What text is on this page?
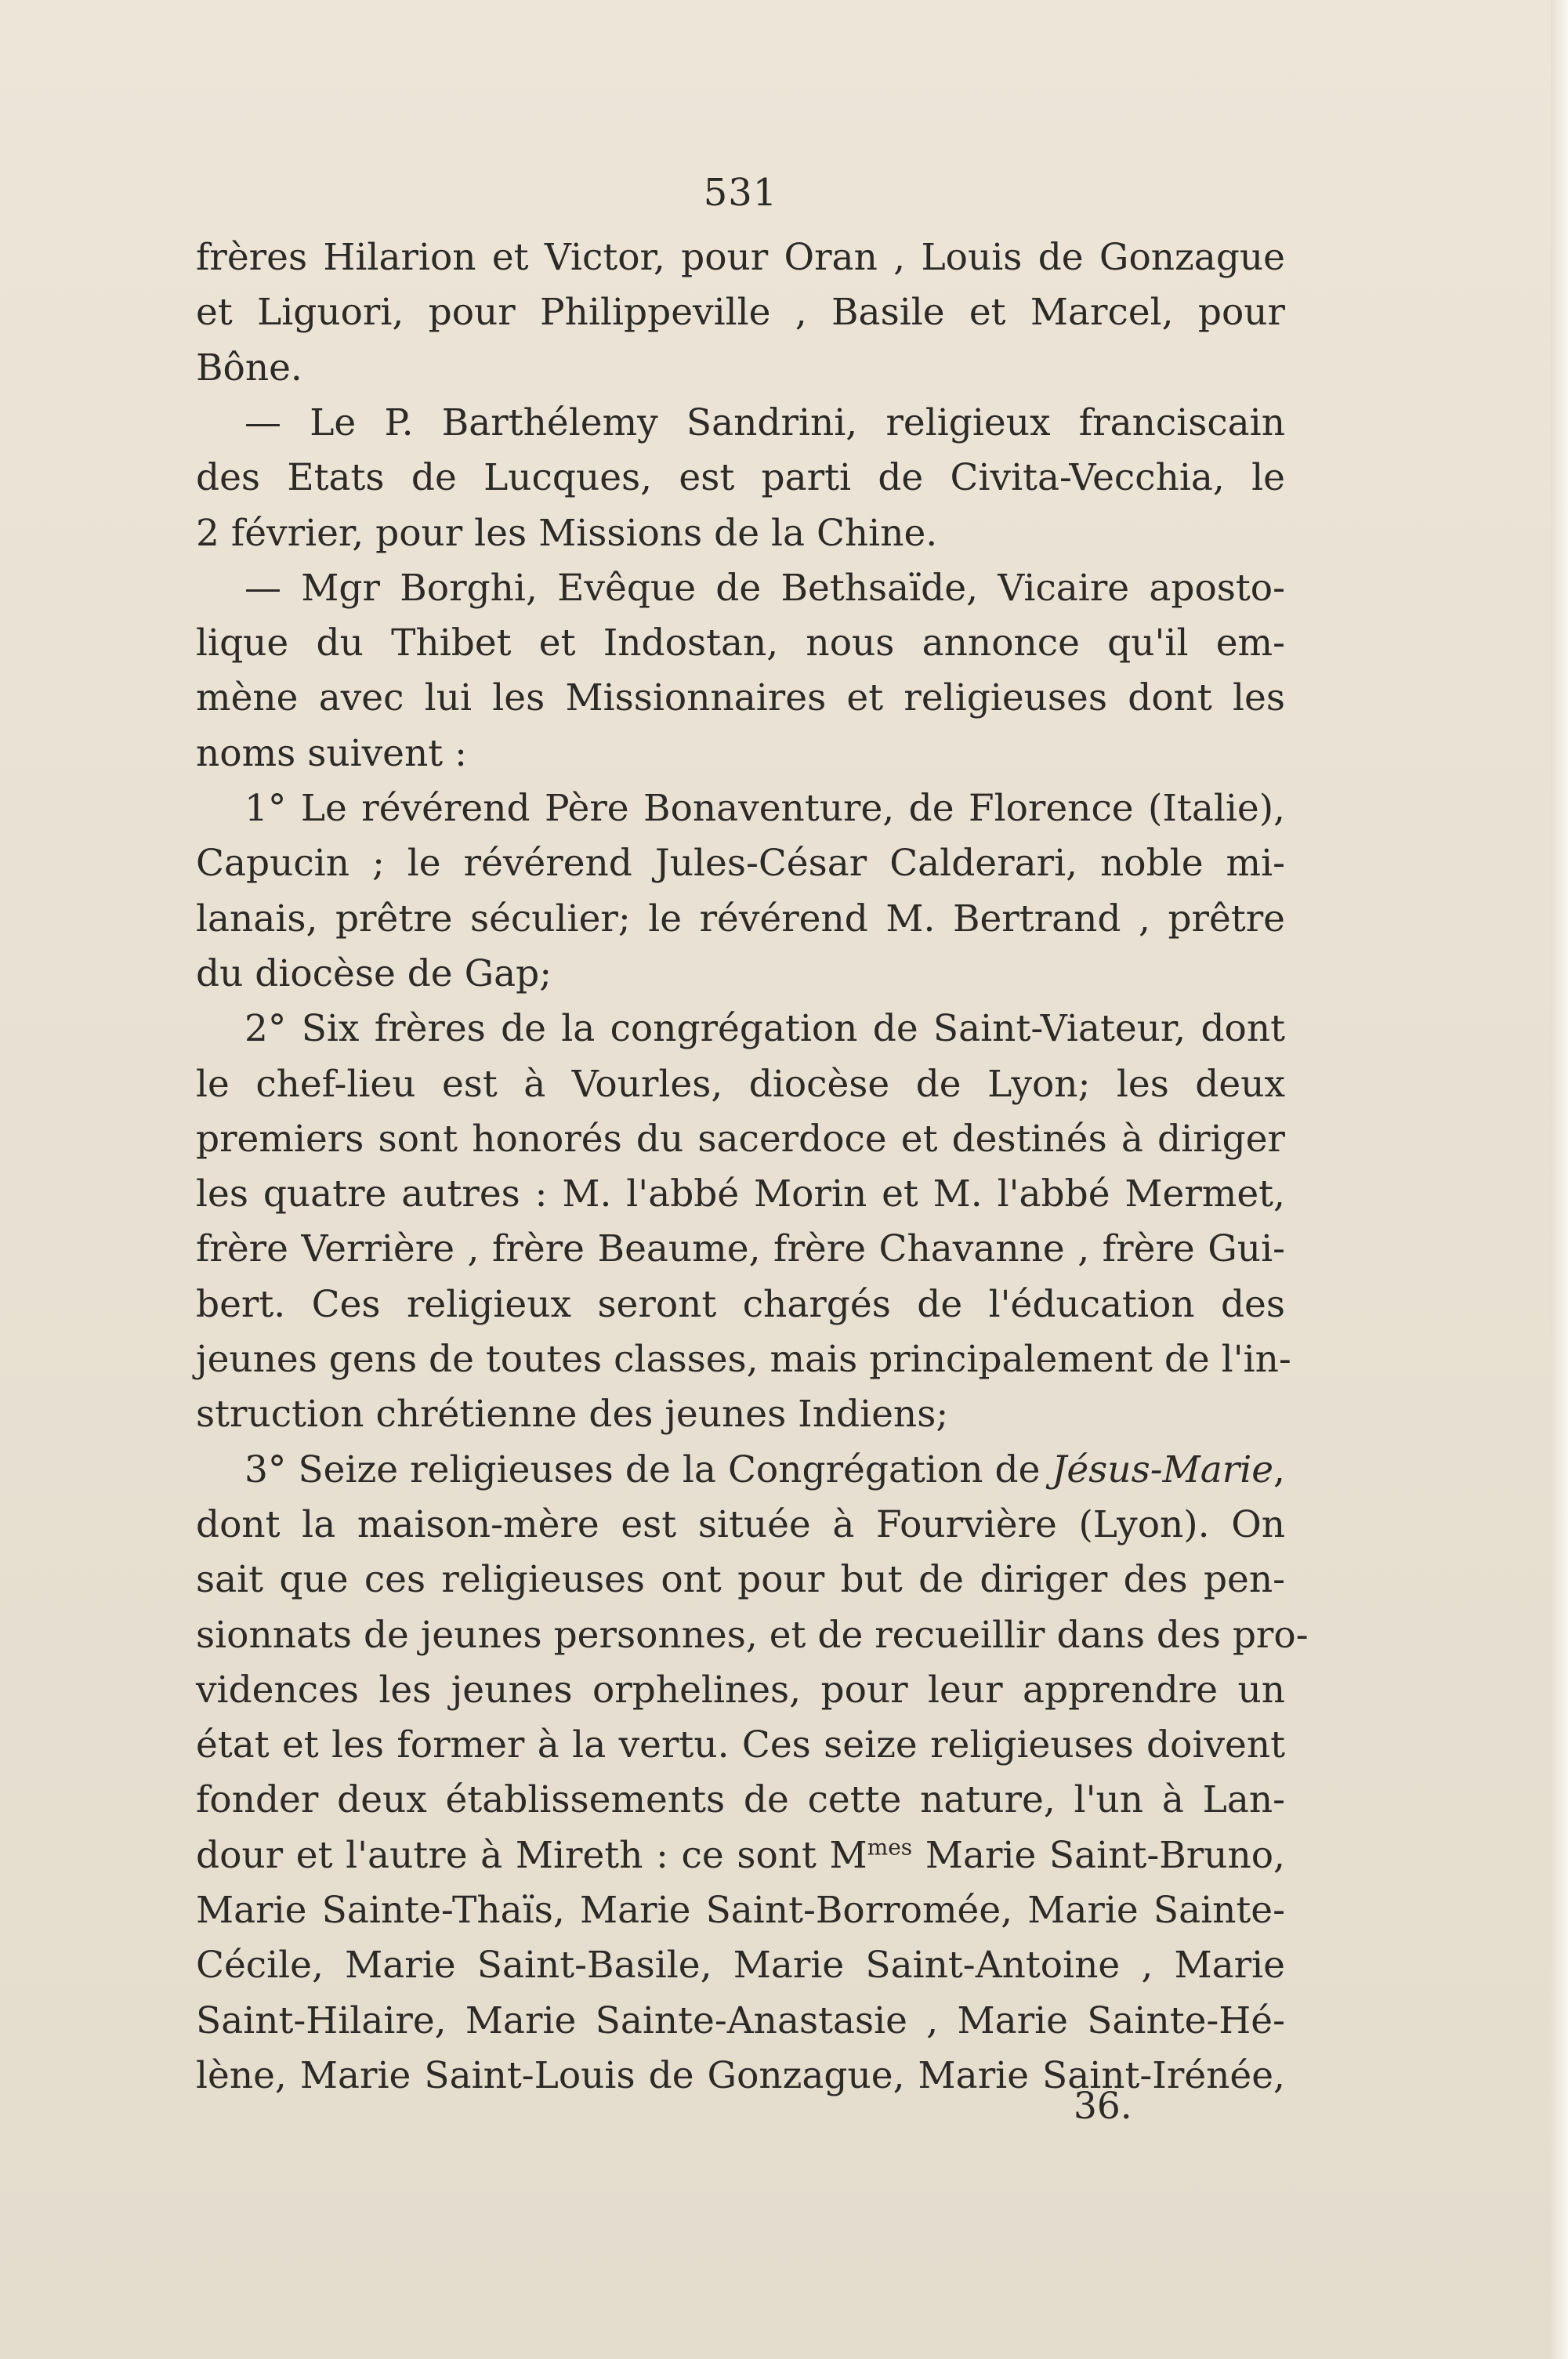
531
frères Hilarion et Victor, pour Oran , Louis de Gonzague
et Liguori, pour Philippeville , Basile et Marcel, pour
Bône.
— Le P. Barthélemy Sandrini, religieux franciscain
des Etats de Lucques, est parti de Civita-Vecchia, le
2 février, pour les Missions de la Chine.
— Mgr Borghi, Evêque de Bethsaïde, Vicaire aposto-
lique du Thibet et Indostan, nous annonce qu'il em-
mène avec lui les Missionnaires et religieuses dont les
noms suivent :
1° Le révérend Père Bonaventure, de Florence (Italie),
Capucin ; le révérend Jules-César Calderari, noble mi-
lanais, prêtre séculier; le révérend M. Bertrand , prêtre
du diocèse de Gap;
2° Six frères de la congrégation de Saint-Viateur, dont
le chef-lieu est à Vourles, diocèse de Lyon; les deux
premiers sont honorés du sacerdoce et destinés à diriger
les quatre autres : M. l'abbé Morin et M. l'abbé Mermet,
frère Verrière , frère Beaume, frère Chavanne , frère Gui-
bert. Ces religieux seront chargés de l'éducation des
jeunes gens de toutes classes, mais principalement de l'in-
struction chrétienne des jeunes Indiens;
3° Seize religieuses de la Congrégation de Jésus-Marie,
dont la maison-mère est située à Fourvière (Lyon). On
sait que ces religieuses ont pour but de diriger des pen-
sionnats de jeunes personnes, et de recueillir dans des pro-
vidences les jeunes orphelines, pour leur apprendre un
état et les former à la vertu. Ces seize religieuses doivent
fonder deux établissements de cette nature, l'un à Lan-
dour et l'autre à Mireth : ce sont $M^{mes}$ Marie Saint-Bruno,
Marie Sainte-Thaïs, Marie Saint-Borromée, Marie Sainte-
Cécile, Marie Saint-Basile, Marie Saint-Antoine , Marie
Saint-Hilaire, Marie Sainte-Anastasie , Marie Sainte-Hé-
lène, Marie Saint-Louis de Gonzague, Marie Saint-Irénée,
36.
